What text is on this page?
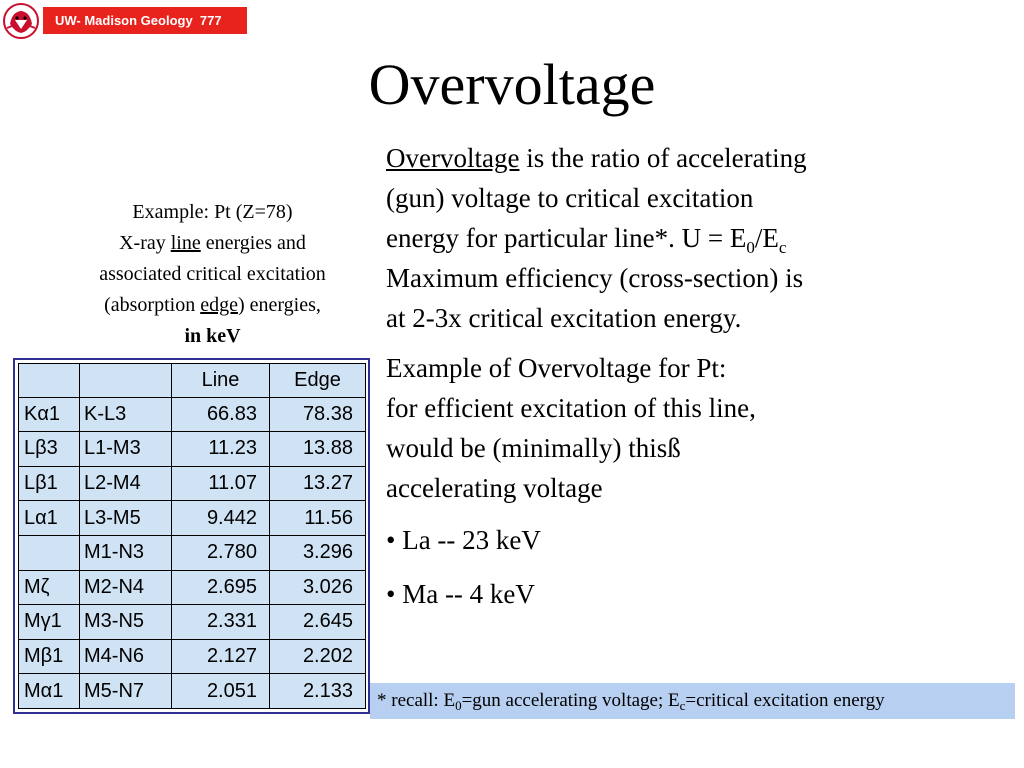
UW- Madison Geology  777
Overvoltage
Example: Pt (Z=78)
X-ray line energies and
associated critical excitation
(absorption edge) energies,
in keV
		Line	Edge
Kα1	K-L3	66.83	78.38
Lβ3	L1-M3	11.23	13.88
Lβ1	L2-M4	11.07	13.27
Lα1	L3-M5	9.442	11.56
	M1-N3	2.780	3.296
Mζ	M2-N4	2.695	3.026
Mγ1	M3-N5	2.331	2.645
Mβ1	M4-N6	2.127	2.202
Mα1	M5-N7	2.051	2.133

Overvoltage is the ratio of accelerating
(gun) voltage to critical excitation
energy for particular line*. $U = E_0/E_c$
Maximum efficiency (cross-section) is
at 2-3x critical excitation energy.

Example of Overvoltage for Pt:
for efficient excitation of this line,
would be (minimally) thisß
accelerating voltage

• La -- 23 keV

• Ma -- 4 keV

* recall: $E_0=gun$ accelerating voltage; $E_c=critical$ excitation energy
